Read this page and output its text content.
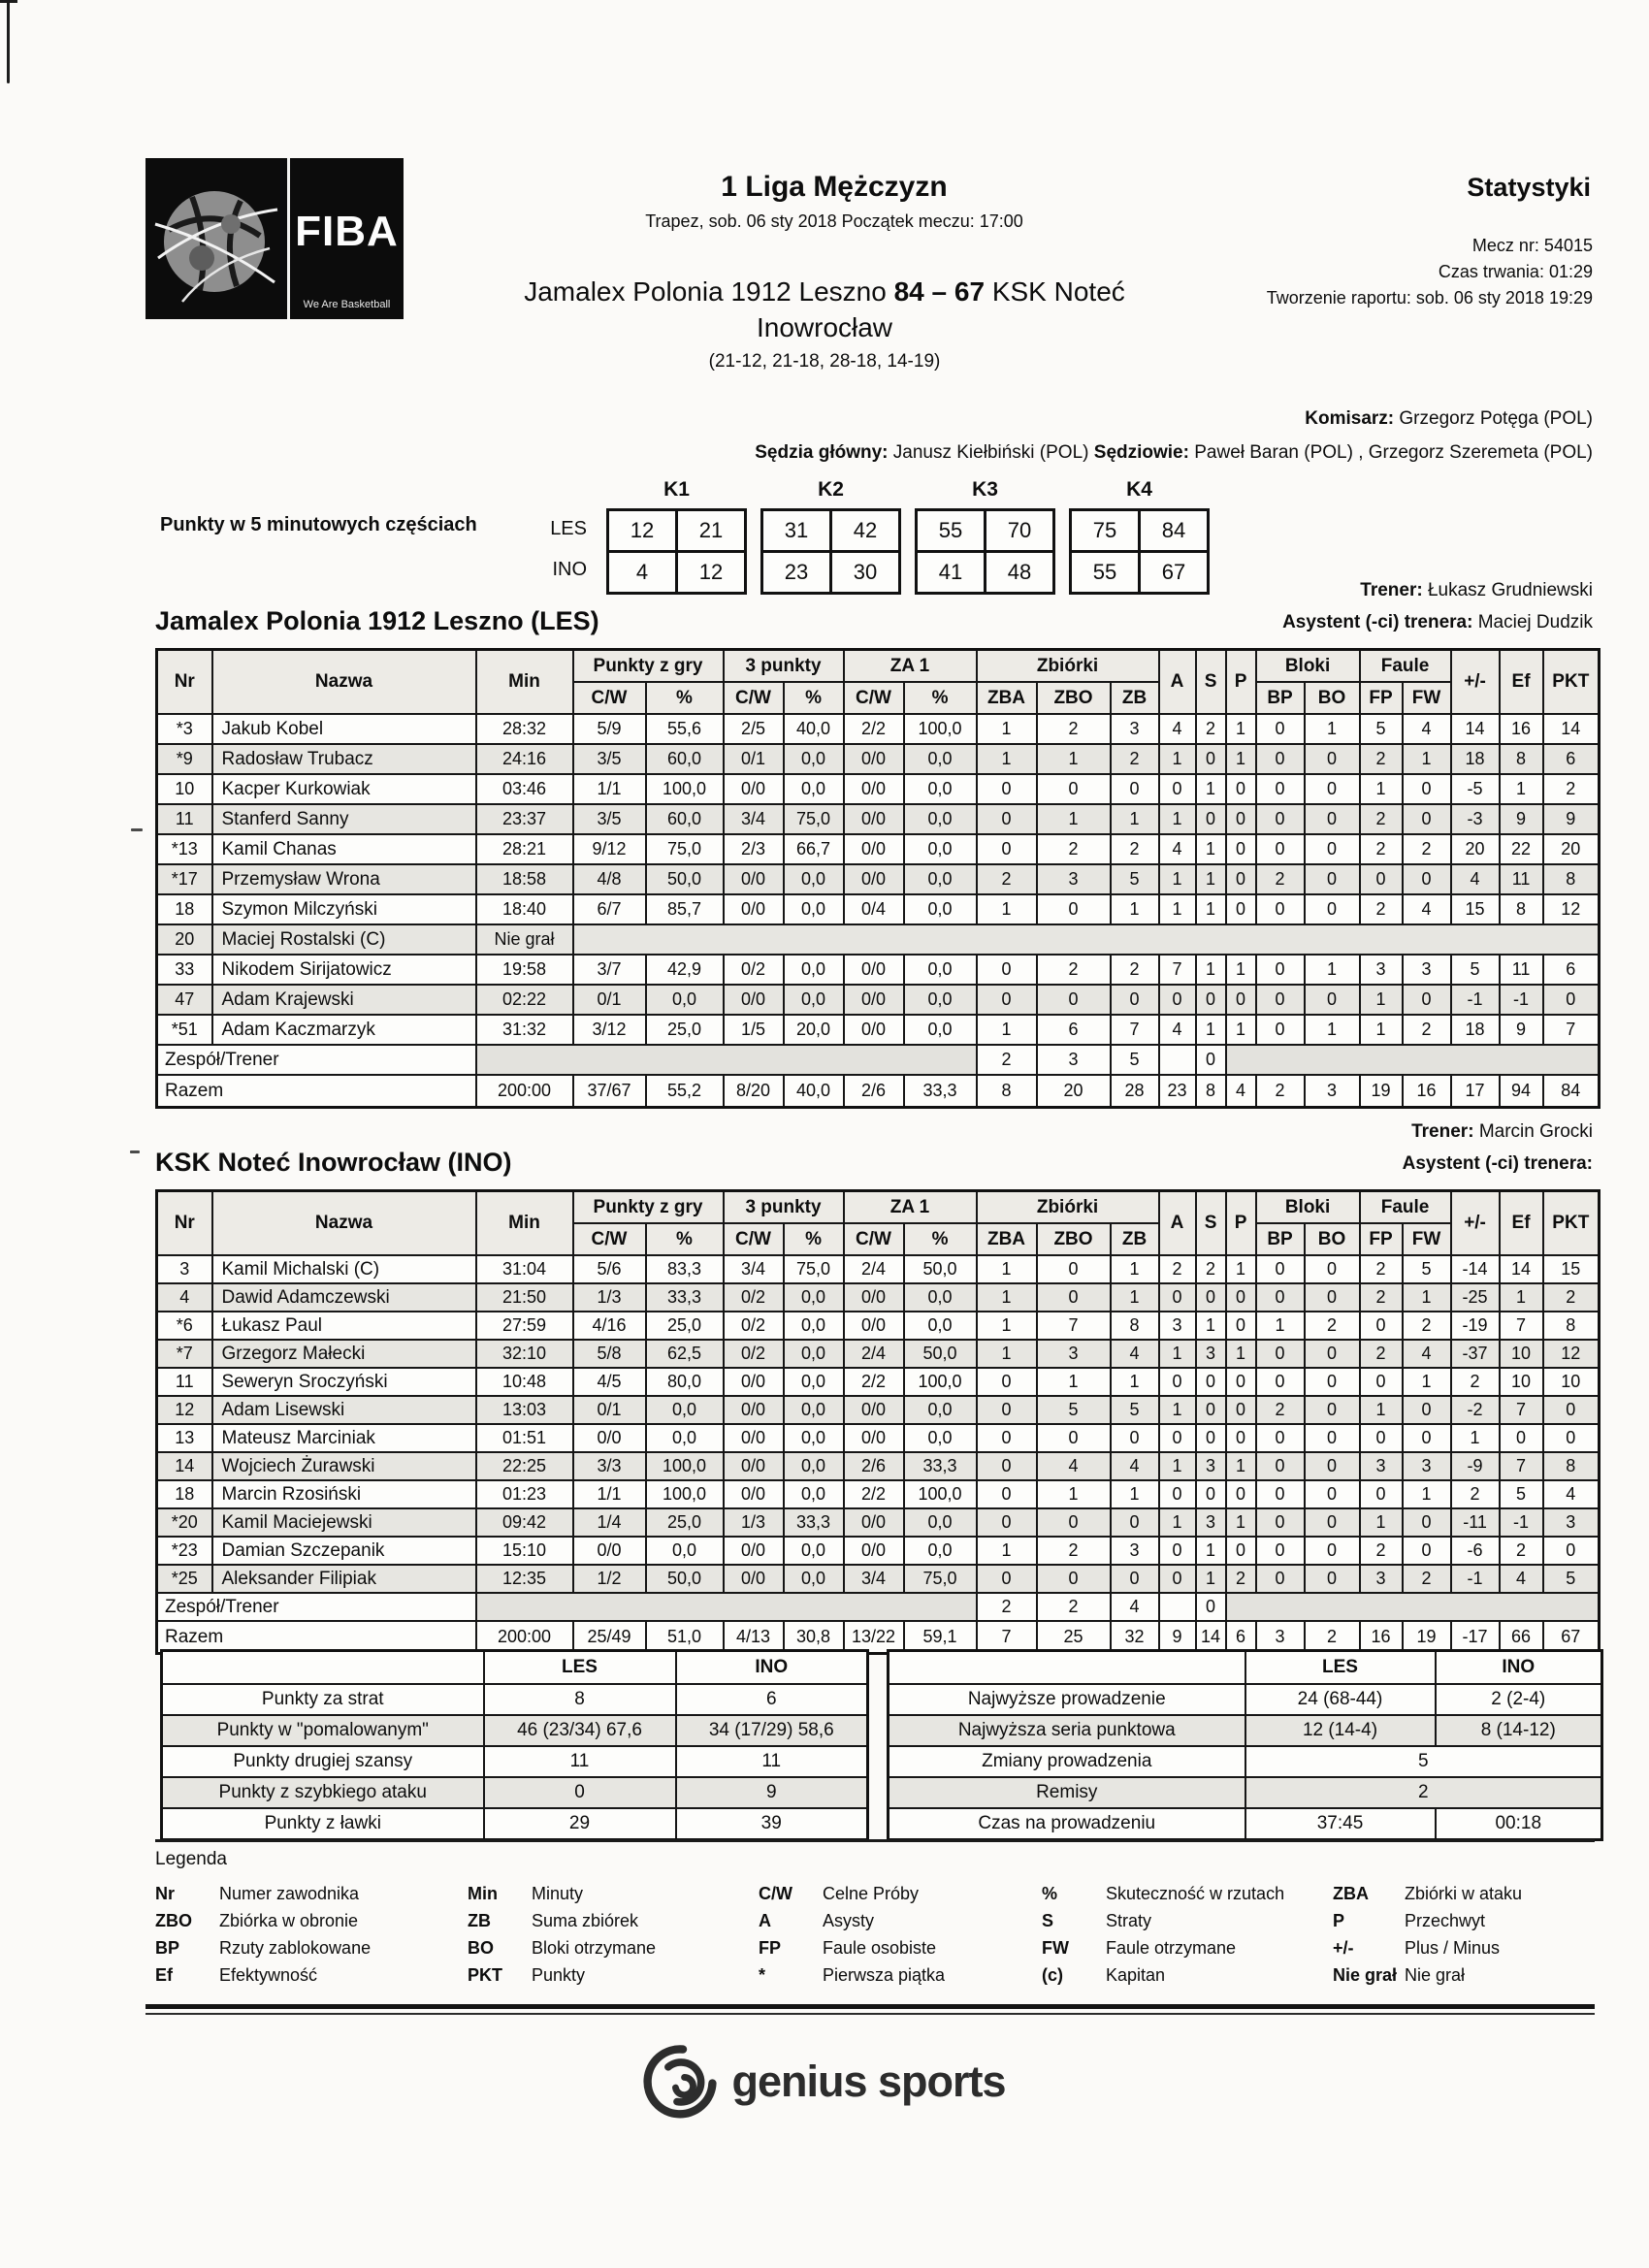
FIBA
We Are Basketball
1 Liga Mężczyzn
Trapez, sob. 06 sty 2018 Początek meczu: 17:00
Statystyki
Mecz nr: 54015
Czas trwania: 01:29
Tworzenie raportu: sob. 06 sty 2018 19:29
Jamalex Polonia 1912 Leszno 84 – 67 KSK Noteć Inowrocław
(21-12, 21-18, 28-18, 14-19)
Komisarz: Grzegorz Potęga (POL)
Sędzia główny: Janusz Kiełbiński (POL) Sędziowie: Paweł Baran (POL) , Grzegorz Szeremeta (POL)
Punkty w 5 minutowych częściach	LES
INO
K1
12	21
4	12
K2
31	42
23	30
K3
55	70
41	48
K4
75	84
55	67
Jamalex Polonia 1912 Leszno (LES)
Trener: Łukasz Grudniewski
Asystent (-ci) trenera: Maciej Dudzik
Nr	Nazwa	Min	Punkty z gry		3 punkty		ZA 1		Zbiórki			A	S	P	Bloki		Faule		+/-	Ef	PKT
			C/W	%	C/W	%	C/W	%	ZBA	ZBO	ZB				BP	BO	FP	FW			
*3	Jakub Kobel	28:32	5/9	55,6	2/5	40,0	2/2	100,0	1	2	3	4	2	1	0	1	5	4	14	16	14
*9	Radosław Trubacz	24:16	3/5	60,0	0/1	0,0	0/0	0,0	1	1	2	1	0	1	0	0	2	1	18	8	6
10	Kacper Kurkowiak	03:46	1/1	100,0	0/0	0,0	0/0	0,0	0	0	0	0	1	0	0	0	1	0	-5	1	2
11	Stanferd Sanny	23:37	3/5	60,0	3/4	75,0	0/0	0,0	0	1	1	1	0	0	0	0	2	0	-3	9	9
*13	Kamil Chanas	28:21	9/12	75,0	2/3	66,7	0/0	0,0	0	2	2	4	1	0	0	0	2	2	20	22	20
*17	Przemysław Wrona	18:58	4/8	50,0	0/0	0,0	0/0	0,0	2	3	5	1	1	0	2	0	0	0	4	11	8
18	Szymon Milczyński	18:40	6/7	85,7	0/0	0,0	0/4	0,0	1	0	1	1	1	0	0	0	2	4	15	8	12
20	Maciej Rostalski (C)	Nie grał																			
33	Nikodem Sirijatowicz	19:58	3/7	42,9	0/2	0,0	0/0	0,0	0	2	2	7	1	1	0	1	3	3	5	11	6
47	Adam Krajewski	02:22	0/1	0,0	0/0	0,0	0/0	0,0	0	0	0	0	0	0	0	0	1	0	-1	-1	0
*51	Adam Kaczmarzyk	31:32	3/12	25,0	1/5	20,0	0/0	0,0	1	6	7	4	1	1	0	1	1	2	18	9	7
Zespół/Trener									2	3	5		0								
Razem		200:00	37/67	55,2	8/20	40,0	2/6	33,3	8	20	28	23	8	4	2	3	19	16	17	94	84
KSK Noteć Inowrocław (INO)
Trener: Marcin Grocki
Asystent (-ci) trenera:
Nr	Nazwa	Min	Punkty z gry		3 punkty		ZA 1		Zbiórki			A	S	P	Bloki		Faule		+/-	Ef	PKT
			C/W	%	C/W	%	C/W	%	ZBA	ZBO	ZB				BP	BO	FP	FW			
3	Kamil Michalski (C)	31:04	5/6	83,3	3/4	75,0	2/4	50,0	1	0	1	2	2	1	0	0	2	5	-14	14	15
4	Dawid Adamczewski	21:50	1/3	33,3	0/2	0,0	0/0	0,0	1	0	1	0	0	0	0	0	2	1	-25	1	2
*6	Łukasz Paul	27:59	4/16	25,0	0/2	0,0	0/0	0,0	1	7	8	3	1	0	1	2	0	2	-19	7	8
*7	Grzegorz Małecki	32:10	5/8	62,5	0/2	0,0	2/4	50,0	1	3	4	1	3	1	0	0	2	4	-37	10	12
11	Seweryn Sroczyński	10:48	4/5	80,0	0/0	0,0	2/2	100,0	0	1	1	0	0	0	0	0	0	1	2	10	10
12	Adam Lisewski	13:03	0/1	0,0	0/0	0,0	0/0	0,0	0	5	5	1	0	0	2	0	1	0	-2	7	0
13	Mateusz Marciniak	01:51	0/0	0,0	0/0	0,0	0/0	0,0	0	0	0	0	0	0	0	0	0	0	1	0	0
14	Wojciech Żurawski	22:25	3/3	100,0	0/0	0,0	2/6	33,3	0	4	4	1	3	1	0	0	3	3	-9	7	8
18	Marcin Rzosiński	01:23	1/1	100,0	0/0	0,0	2/2	100,0	0	1	1	0	0	0	0	0	0	1	2	5	4
*20	Kamil Maciejewski	09:42	1/4	25,0	1/3	33,3	0/0	0,0	0	0	0	1	3	1	0	0	1	0	-11	-1	3
*23	Damian Szczepanik	15:10	0/0	0,0	0/0	0,0	0/0	0,0	1	2	3	0	1	0	0	0	2	0	-6	2	0
*25	Aleksander Filipiak	12:35	1/2	50,0	0/0	0,0	3/4	75,0	0	0	0	0	1	2	0	0	3	2	-1	4	5
Zespół/Trener									2	2	4		0								
Razem		200:00	25/49	51,0	4/13	30,8	13/22	59,1	7	25	32	9	14	6	3	2	16	19	-17	66	67
	LES	INO
Punkty za strat	8	6
Punkty w "pomalowanym"	46 (23/34) 67,6	34 (17/29) 58,6
Punkty drugiej szansy	11	11
Punkty z szybkiego ataku	0	9
Punkty z ławki	29	39
	LES	INO
Najwyższe prowadzenie	24 (68-44)	2 (2-4)
Najwyższa seria punktowa	12 (14-4)	8 (14-12)
Zmiany prowadzenia	5	
Remisy	2	
Czas na prowadzeniu	37:45	00:18
Legenda
Nr	Numer zawodnika
ZBO	Zbiórka w obronie
BP	Rzuty zablokowane
Ef	Efektywność
Min	Minuty
ZB	Suma zbiórek
BO	Bloki otrzymane
PKT	Punkty
C/W	Celne Próby
A	Asysty
FP	Faule osobiste
*	Pierwsza piątka
%	Skuteczność w rzutach
S	Straty
FW	Faule otrzymane
(c)	Kapitan
ZBA	Zbiórki w ataku
P	Przechwyt
+/-	Plus / Minus
Nie grał Nie grał
genius sports
